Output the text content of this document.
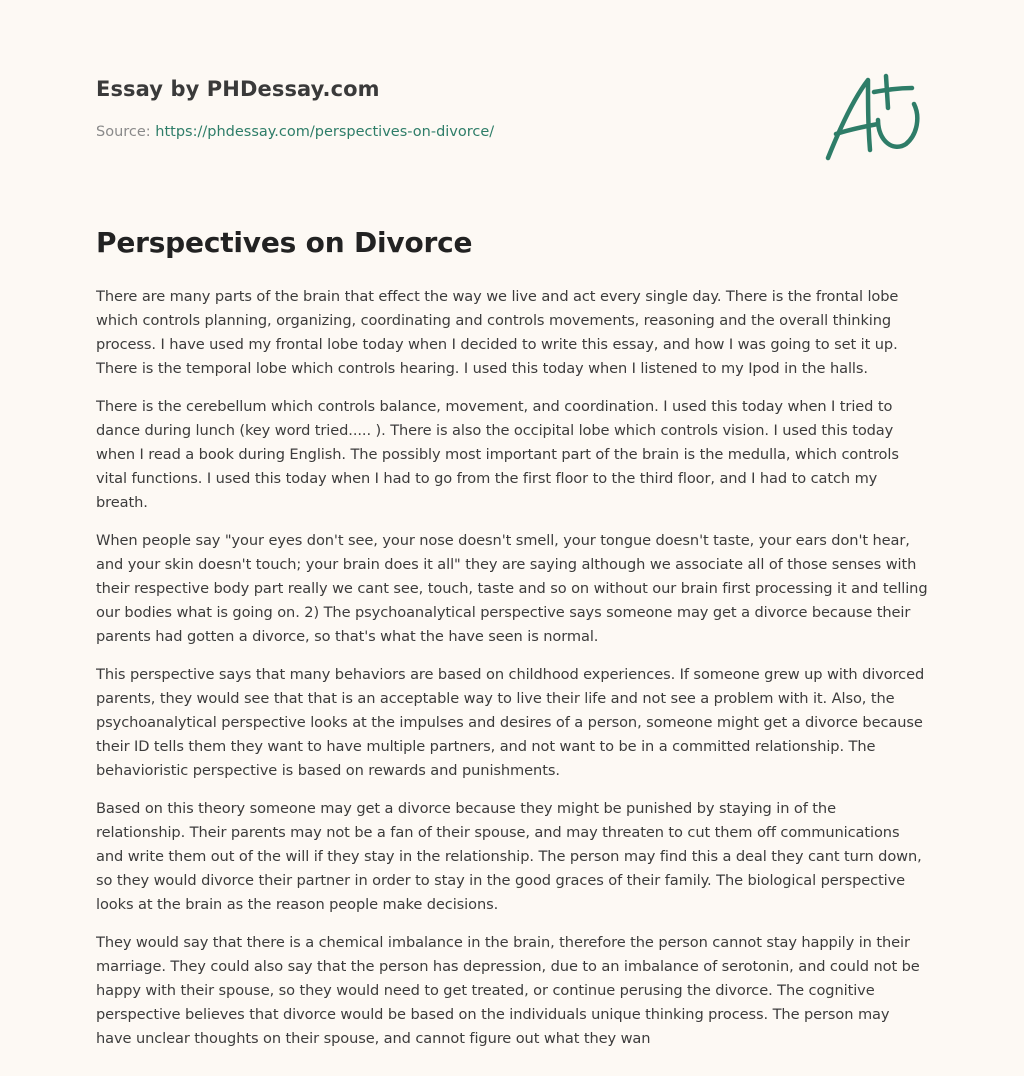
Essay by PHDessay.com

Source: https://phdessay.com/perspectives-on-divorce/

Perspectives on Divorce

There are many parts of the brain that effect the way we live and act every single day. There is the frontal lobe which controls planning, organizing, coordinating and controls movements, reasoning and the overall thinking process. I have used my frontal lobe today when I decided to write this essay, and how I was going to set it up. There is the temporal lobe which controls hearing. I used this today when I listened to my Ipod in the halls.

There is the cerebellum which controls balance, movement, and coordination. I used this today when I tried to dance during lunch (key word tried..... ). There is also the occipital lobe which controls vision. I used this today when I read a book during English. The possibly most important part of the brain is the medulla, which controls vital functions. I used this today when I had to go from the first floor to the third floor, and I had to catch my breath.

When people say "your eyes don't see, your nose doesn't smell, your tongue doesn't taste, your ears don't hear, and your skin doesn't touch; your brain does it all" they are saying although we associate all of those senses with their respective body part really we cant see, touch, taste and so on without our brain first processing it and telling our bodies what is going on. 2) The psychoanalytical perspective says someone may get a divorce because their parents had gotten a divorce, so that's what the have seen is normal.

This perspective says that many behaviors are based on childhood experiences. If someone grew up with divorced parents, they would see that that is an acceptable way to live their life and not see a problem with it. Also, the psychoanalytical perspective looks at the impulses and desires of a person, someone might get a divorce because their ID tells them they want to have multiple partners, and not want to be in a committed relationship. The behavioristic perspective is based on rewards and punishments.

Based on this theory someone may get a divorce because they might be punished by staying in of the relationship. Their parents may not be a fan of their spouse, and may threaten to cut them off communications and write them out of the will if they stay in the relationship. The person may find this a deal they cant turn down, so they would divorce their partner in order to stay in the good graces of their family. The biological perspective looks at the brain as the reason people make decisions.

They would say that there is a chemical imbalance in the brain, therefore the person cannot stay happily in their marriage. They could also say that the person has depression, due to an imbalance of serotonin, and could not be happy with their spouse, so they would need to get treated, or continue perusing the divorce. The cognitive perspective believes that divorce would be based on the individuals unique thinking process. The person may have unclear thoughts on their spouse, and cannot figure out what they wan
